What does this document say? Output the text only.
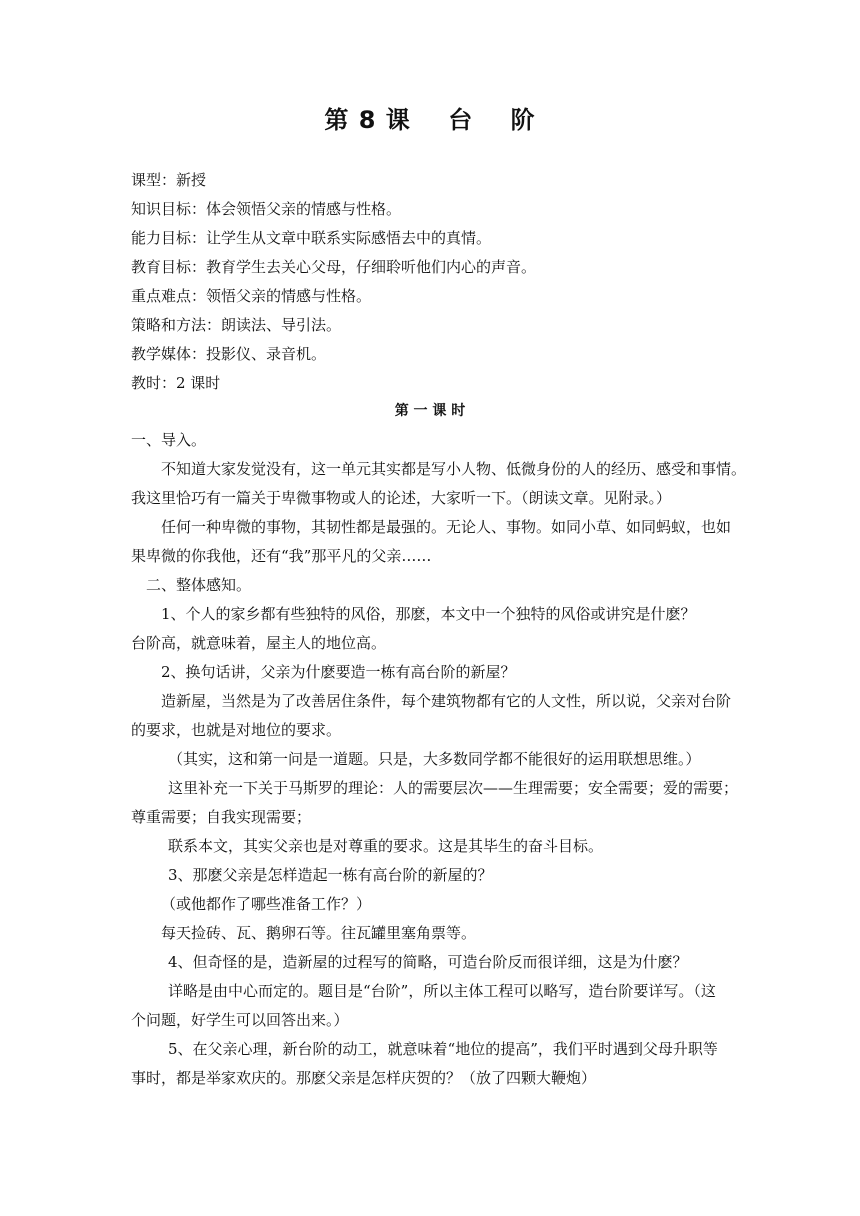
第 8 课    台    阶
课型：新授
知识目标：体会领悟父亲的情感与性格。
能力目标：让学生从文章中联系实际感悟去中的真情。
教育目标：教育学生去关心父母，仔细聆听他们内心的声音。
重点难点：领悟父亲的情感与性格。
策略和方法：朗读法、导引法。
教学媒体：投影仪、录音机。
教时：2 课时
第 一 课 时
一、导入。
不知道大家发觉没有，这一单元其实都是写小人物、低微身份的人的经历、感受和事情。
我这里恰巧有一篇关于卑微事物或人的论述，大家听一下。（朗读文章。见附录。）
任何一种卑微的事物，其韧性都是最强的。无论人、事物。如同小草、如同蚂蚁，也如
果卑微的你我他，还有“我”那平凡的父亲……
二、整体感知。
1、个人的家乡都有些独特的风俗，那麽，本文中一个独特的风俗或讲究是什麽？
台阶高，就意味着，屋主人的地位高。
2、换句话讲，父亲为什麽要造一栋有高台阶的新屋？
造新屋，当然是为了改善居住条件，每个建筑物都有它的人文性，所以说，父亲对台阶
的要求，也就是对地位的要求。
（其实，这和第一问是一道题。只是，大多数同学都不能很好的运用联想思维。）
这里补充一下关于马斯罗的理论：人的需要层次——生理需要；安全需要；爱的需要；
尊重需要；自我实现需要；
联系本文，其实父亲也是对尊重的要求。这是其毕生的奋斗目标。
3、那麽父亲是怎样造起一栋有高台阶的新屋的？
（或他都作了哪些准备工作？）
每天捡砖、瓦、鹅卵石等。往瓦罐里塞角票等。
4、但奇怪的是，造新屋的过程写的简略，可造台阶反而很详细，这是为什麽？
详略是由中心而定的。题目是“台阶”，所以主体工程可以略写，造台阶要详写。（这
个问题，好学生可以回答出来。）
5、在父亲心理，新台阶的动工，就意味着“地位的提高”，我们平时遇到父母升职等
事时，都是举家欢庆的。那麽父亲是怎样庆贺的？（放了四颗大鞭炮）
